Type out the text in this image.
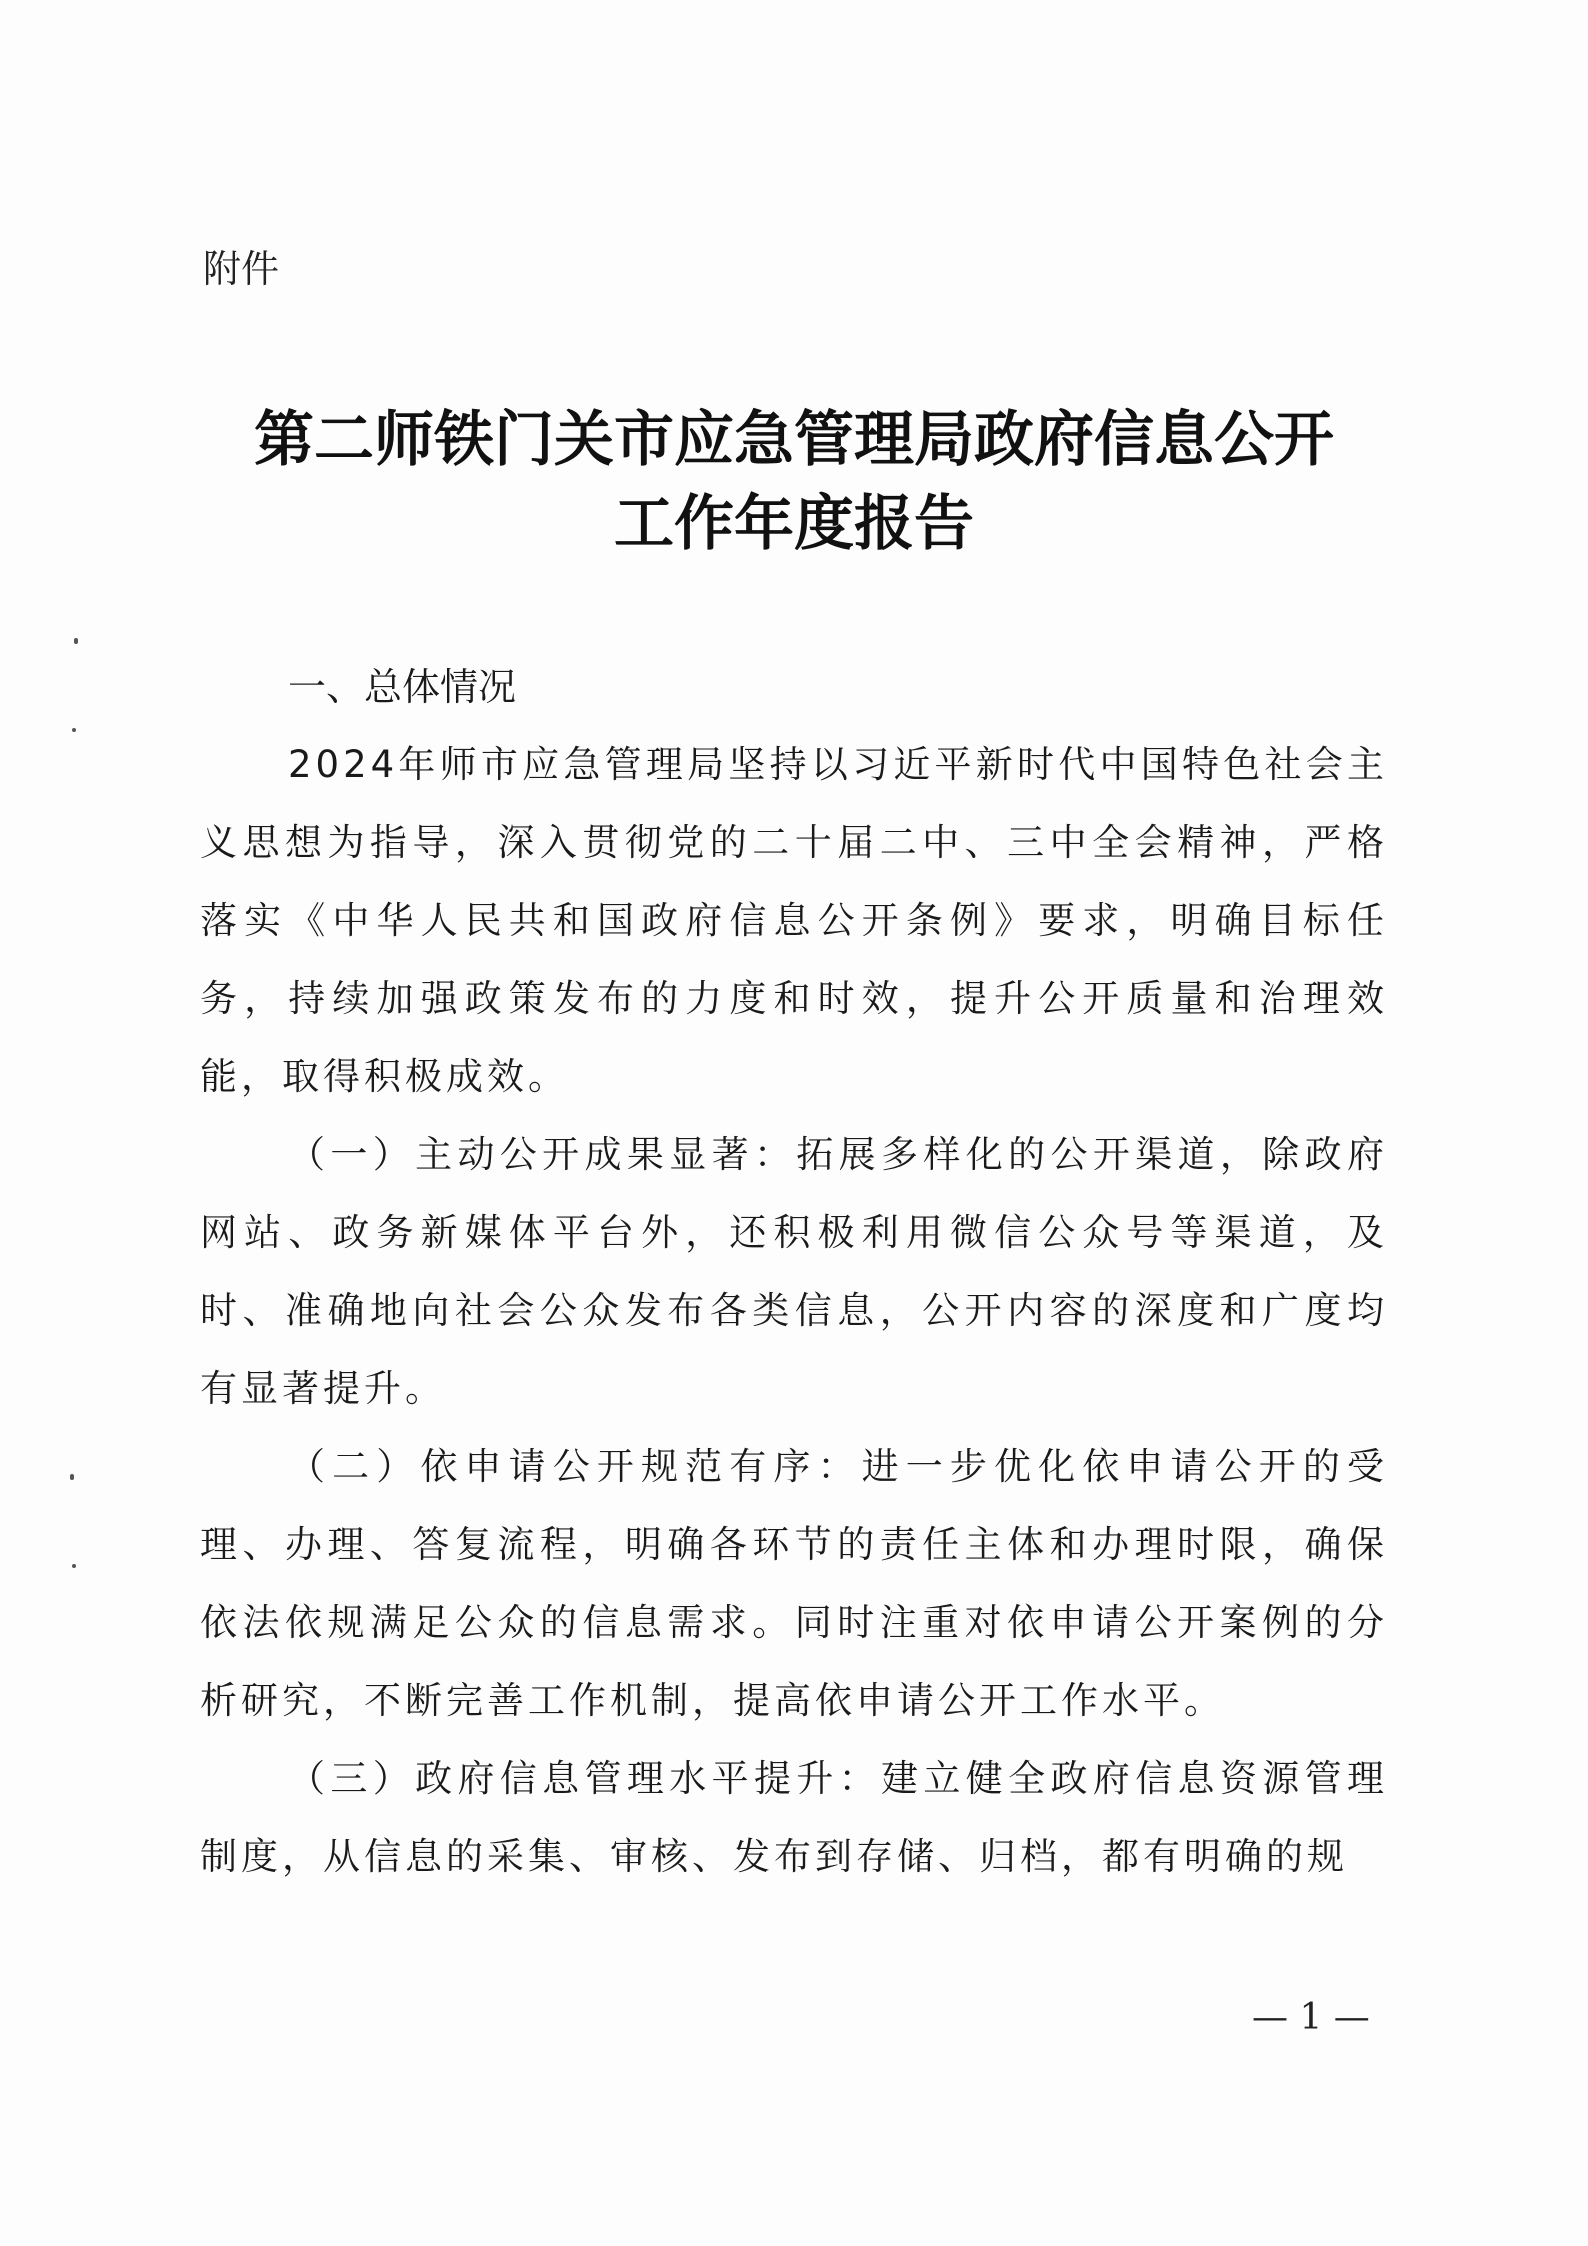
附件
第二师铁门关市应急管理局政府信息公开
工作年度报告
一、总体情况

2024年师市应急管理局坚持以习近平新时代中国特色社会主义思想为指导，深入贯彻党的二十届二中、三中全会精神，严格落实《中华人民共和国政府信息公开条例》要求，明确目标任务，持续加强政策发布的力度和时效，提升公开质量和治理效能，取得积极成效。

（一）主动公开成果显著：拓展多样化的公开渠道，除政府网站、政务新媒体平台外，还积极利用微信公众号等渠道，及时、准确地向社会公众发布各类信息，公开内容的深度和广度均有显著提升。

（二）依申请公开规范有序：进一步优化依申请公开的受理、办理、答复流程，明确各环节的责任主体和办理时限，确保依法依规满足公众的信息需求。同时注重对依申请公开案例的分析研究，不断完善工作机制，提高依申请公开工作水平。

（三）政府信息管理水平提升：建立健全政府信息资源管理制度，从信息的采集、审核、发布到存储、归档，都有明确的规

— 1 —
